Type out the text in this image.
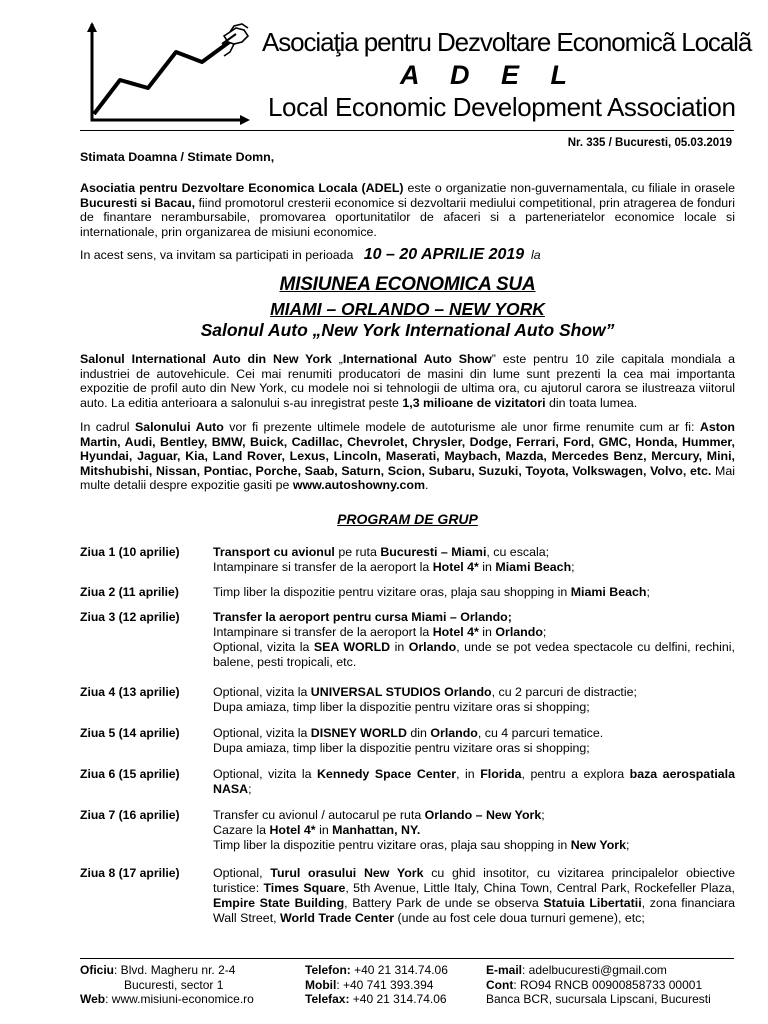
Asociaţia pentru Dezvoltare Economicã Localã
A D E L
Local Economic Development Association
Nr. 335 / Bucuresti, 05.03.2019
Stimata Doamna / Stimate Domn,
Asociatia pentru Dezvoltare Economica Locala (ADEL) este o organizatie non-guvernamentala, cu filiale in orasele Bucuresti si Bacau, fiind promotorul cresterii economice si dezvoltarii mediului competitional, prin atragerea de fonduri de finantare nerambursabile, promovarea oportunitatilor de afaceri si a parteneriatelor economice locale si internationale, prin organizarea de misiuni economice.
In acest sens, va invitam sa participati in perioada 10 – 20 APRILIE 2019 la
MISIUNEA ECONOMICA SUA
MIAMI – ORLANDO – NEW YORK
Salonul Auto „New York International Auto Show”
Salonul International Auto din New York „International Auto Show” este pentru 10 zile capitala mondiala a industriei de autovehicule. Cei mai renumiti producatori de masini din lume sunt prezenti la cea mai importanta expozitie de profil auto din New York, cu modele noi si tehnologii de ultima ora, cu ajutorul carora se ilustreaza viitorul auto. La editia anterioara a salonului s-au inregistrat peste 1,3 milioane de vizitatori din toata lumea.
In cadrul Salonului Auto vor fi prezente ultimele modele de autoturisme ale unor firme renumite cum ar fi: Aston Martin, Audi, Bentley, BMW, Buick, Cadillac, Chevrolet, Chrysler, Dodge, Ferrari, Ford, GMC, Honda, Hummer, Hyundai, Jaguar, Kia, Land Rover, Lexus, Lincoln, Maserati, Maybach, Mazda, Mercedes Benz, Mercury, Mini, Mitshubishi, Nissan, Pontiac, Porche, Saab, Saturn, Scion, Subaru, Suzuki, Toyota, Volkswagen, Volvo, etc. Mai multe detalii despre expozitie gasiti pe www.autoshowny.com.
PROGRAM DE GRUP
Ziua 1 (10 aprilie)	Transport cu avionul pe ruta Bucuresti – Miami, cu escala;
Intampinare si transfer de la aeroport la Hotel 4* in Miami Beach;
Ziua 2 (11 aprilie)	Timp liber la dispozitie pentru vizitare oras, plaja sau shopping in Miami Beach;
Ziua 3 (12 aprilie)	Transfer la aeroport pentru cursa Miami – Orlando;
Intampinare si transfer de la aeroport la Hotel 4* in Orlando;
Optional, vizita la SEA WORLD in Orlando, unde se pot vedea spectacole cu delfini, rechini, balene, pesti tropicali, etc.
Ziua 4 (13 aprilie)	Optional, vizita la UNIVERSAL STUDIOS Orlando, cu 2 parcuri de distractie;
Dupa amiaza, timp liber la dispozitie pentru vizitare oras si shopping;
Ziua 5 (14 aprilie)	Optional, vizita la DISNEY WORLD din Orlando, cu 4 parcuri tematice.
Dupa amiaza, timp liber la dispozitie pentru vizitare oras si shopping;
Ziua 6 (15 aprilie)	Optional, vizita la Kennedy Space Center, in Florida, pentru a explora baza aerospatiala NASA;
Ziua 7 (16 aprilie)	Transfer cu avionul / autocarul pe ruta Orlando – New York;
Cazare la Hotel 4* in Manhattan, NY.
Timp liber la dispozitie pentru vizitare oras, plaja sau shopping in New York;
Ziua 8 (17 aprilie)	Optional, Turul orasului New York cu ghid insotitor, cu vizitarea principalelor obiective turistice: Times Square, 5th Avenue, Little Italy, China Town, Central Park, Rockefeller Plaza, Empire State Building, Battery Park de unde se observa Statuia Libertatii, zona financiara Wall Street, World Trade Center (unde au fost cele doua turnuri gemene), etc;
Oficiu: Blvd. Magheru nr. 2-4
Bucuresti, sector 1
Web: www.misiuni-economice.ro
Telefon: +40 21 314.74.06
Mobil: +40 741 393.394
Telefax: +40 21 314.74.06
E-mail: adelbucuresti@gmail.com
Cont: RO94 RNCB 00900858733 00001
Banca BCR, sucursala Lipscani, Bucuresti
